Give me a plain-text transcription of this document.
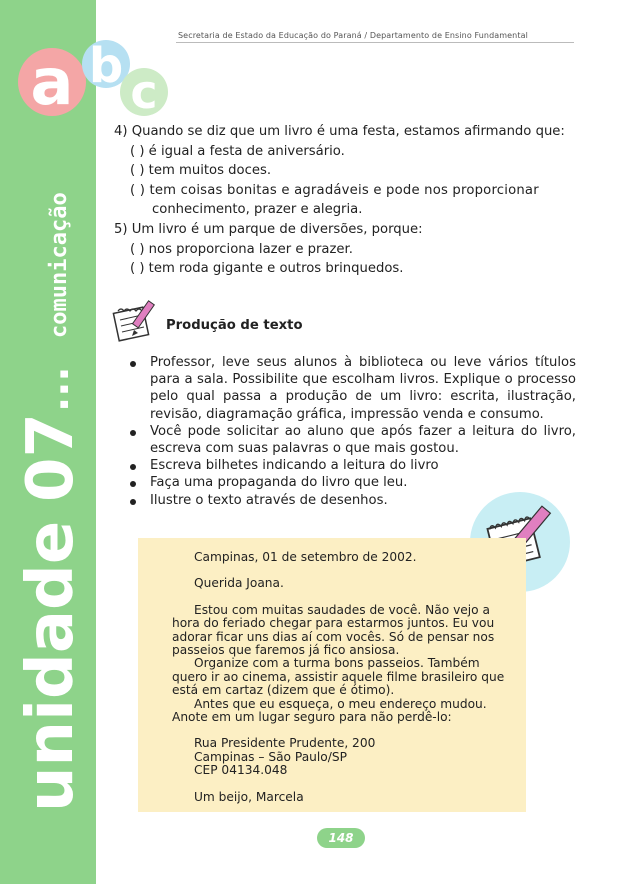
unidade
07
...
comunicação
a b c
Secretaria de Estado da Educação do Paraná / Departamento de Ensino Fundamental
4) Quando se diz que um livro é uma festa, estamos afirmando que:
( ) é igual a festa de aniversário.
( ) tem muitos doces.
( ) tem coisas bonitas e agradáveis e pode nos proporcionar
conhecimento, prazer e alegria.
5) Um livro é um parque de diversões, porque:
( ) nos proporciona lazer e prazer.
( ) tem roda gigante e outros brinquedos.
Produção de texto
Professor, leve seus alunos à biblioteca ou leve vários títulos para a sala. Possibilite que escolham livros. Explique o processo pelo qual passa a produção de um livro: escrita, ilustração, revisão, diagramação gráfica, impressão venda e consumo.
Você pode solicitar ao aluno que após fazer a leitura do livro, escreva com suas palavras o que mais gostou.
Escreva bilhetes indicando a leitura do livro
Faça uma propaganda do livro que leu.
Ilustre o texto através de desenhos.
Campinas, 01 de setembro de 2002.
Querida Joana.
Estou com muitas saudades de você. Não vejo a
hora do feriado chegar para estarmos juntos. Eu vou
adorar ficar uns dias aí com vocês. Só de pensar nos
passeios que faremos já fico ansiosa.
Organize com a turma bons passeios. Também
quero ir ao cinema, assistir aquele filme brasileiro que
está em cartaz (dizem que é ótimo).
Antes que eu esqueça, o meu endereço mudou.
Anote em um lugar seguro para não perdê-lo:
Rua Presidente Prudente, 200
Campinas – São Paulo/SP
CEP 04134.048
Um beijo, Marcela
148
